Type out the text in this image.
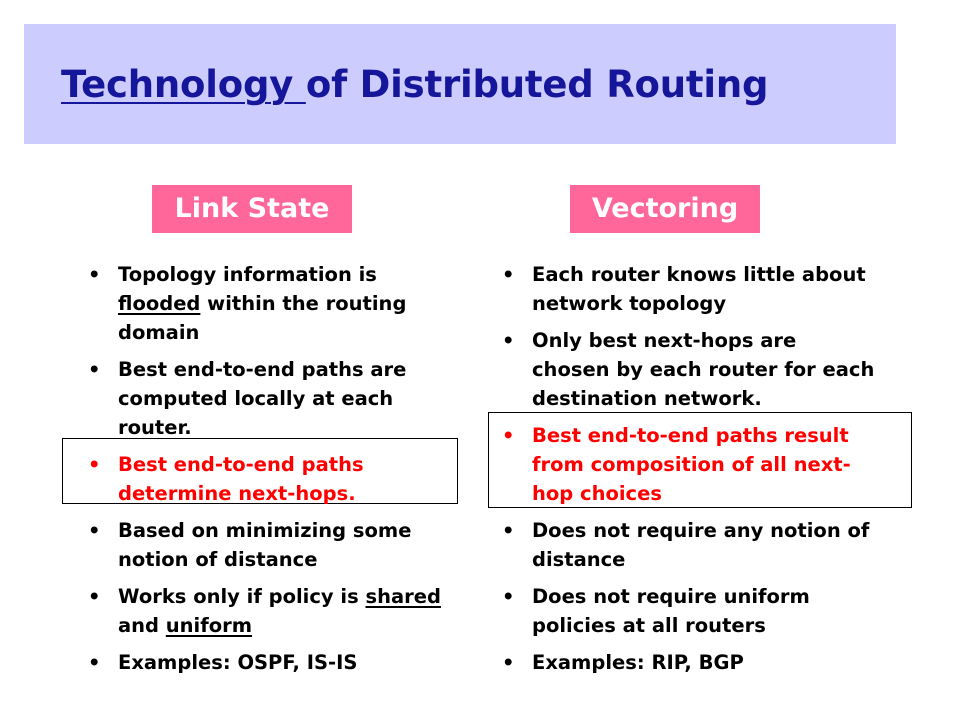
Technology of Distributed Routing
Link State	Vectoring
• Topology information is flooded within the routing domain
• Best end-to-end paths are computed locally at each router.
• Best end-to-end paths determine next-hops.
• Based on minimizing some notion of distance
• Works only if policy is shared and uniform
• Examples: OSPF, IS-IS
• Each router knows little about network topology
• Only best next-hops are chosen by each router for each destination network.
• Best end-to-end paths result from composition of all next-hop choices
• Does not require any notion of distance
• Does not require uniform policies at all routers
• Examples: RIP, BGP
